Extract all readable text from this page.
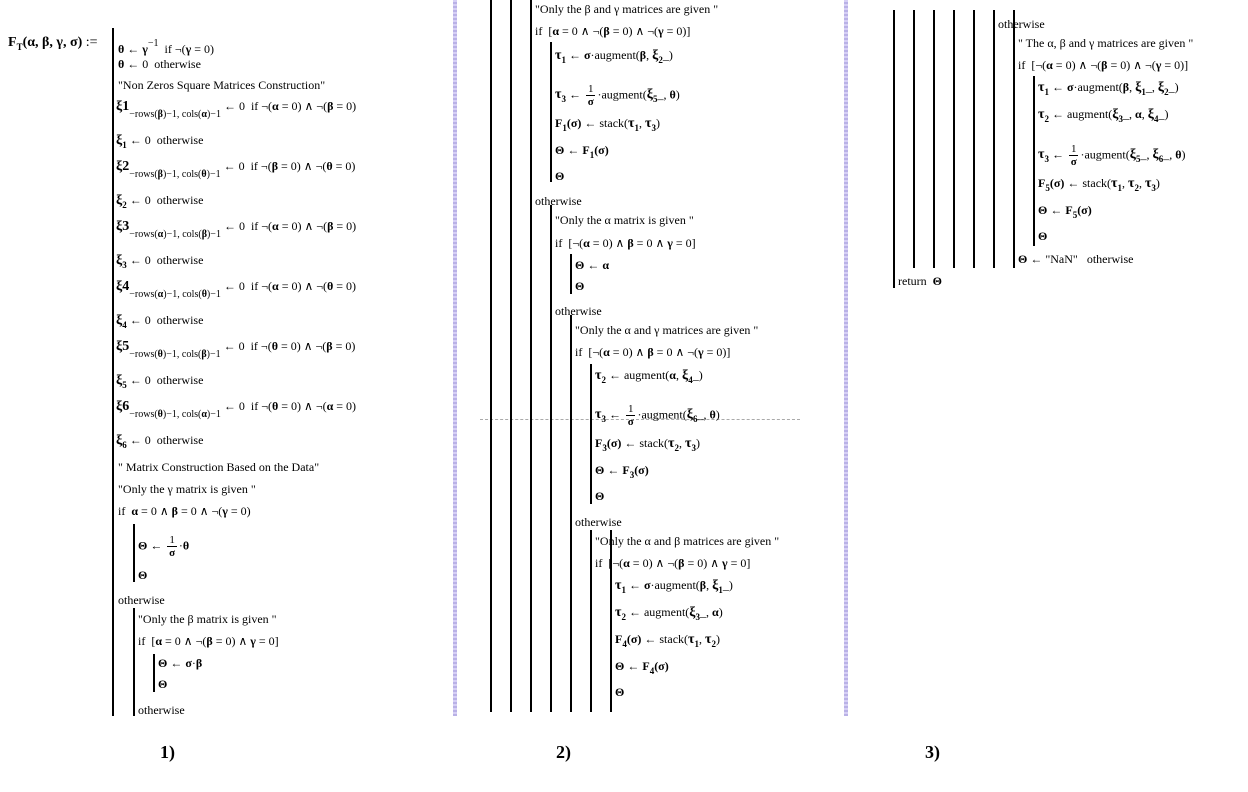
$F_T(\alpha$, β, γ, σ) := θ ← $\gamma^{-1}$ if ¬(γ = 0)
θ ← 0  otherwise
"Non Zeros Square Matrices Construction"
$\xi 1_{-rows(\beta)-1, cols(\alpha)-1}$ ← 0  if ¬(α = 0) ∧ ¬(β = 0)
$\xi_1$ ← 0  otherwise
$\xi 2_{-rows(\beta)-1, cols(\theta)-1}$ ← 0  if ¬(β = 0) ∧ ¬(θ = 0)
$\xi_2$ ← 0  otherwise
$\xi 3_{-rows(\alpha)-1, cols(\beta)-1}$ ← 0  if ¬(α = 0) ∧ ¬(β = 0)
$\xi_3$ ← 0  otherwise
$\xi 4_{-rows(\alpha)-1, cols(\theta)-1}$ ← 0  if ¬(α = 0) ∧ ¬(θ = 0)
$\xi_4$ ← 0  otherwise
$\xi 5_{-rows(\theta)-1, cols(\beta)-1}$ ← 0  if ¬(θ = 0) ∧ ¬(β = 0)
$\xi_5$ ← 0  otherwise
$\xi 6_{-rows(\theta)-1, cols(\alpha)-1}$ ← 0  if ¬(θ = 0) ∧ ¬(α = 0)
$\xi_6$ ← 0  otherwise
" Matrix Construction Based on the Data"
"Only the γ matrix is given "
if  α = 0 ∧ β = 0 ∧ ¬(γ = 0)
Θ ← $\frac{1}{\sigma} \cdot\theta$
Θ
otherwise
"Only the β matrix is given "
if  [α = 0 ∧ ¬(β = 0) ∧ γ = 0]
Θ ← σ·β
Θ
otherwise
1)
"Only the β and γ matrices are given "
if  [α = 0 ∧ ¬(β = 0) ∧ ¬(γ = 0)]
$\tau_1$ ← σ·augment(β, $\xi_2\_$)
$\tau_3$ ← $\frac{1}{\sigma}$ $\cdot augment(\xi_5\_$, θ)
$F_1(\sigma)$ ← $stack(\tau_1$, $\tau_3$)
Θ ← $F_1(\sigma)$
Θ
otherwise
"Only the α matrix is given "
if  [¬(α = 0) ∧ β = 0 ∧ γ = 0]
Θ ← α
Θ
otherwise
"Only the α and γ matrices are given "
if  [¬(α = 0) ∧ β = 0 ∧ ¬(γ = 0)]
$\tau_2$ ← augment(α, $\xi_4\_$)
$\tau_3$ ← $\frac{1}{\sigma}$ $\cdot augment(\xi_6\_$, θ)
$F_3(\sigma)$ ← $stack(\tau_2$, $\tau_3$)
Θ ← $F_3(\sigma)$
Θ
otherwise
"Only the α and β matrices are given "
if  [¬(α = 0) ∧ ¬(β = 0) ∧ γ = 0]
$\tau_1$ ← σ·augment(β, $\xi_1\_$)
$\tau_2$ ← $augment(\xi_3\_$, α)
$F_4(\sigma)$ ← $stack(\tau_1$, $\tau_2$)
Θ ← $F_4(\sigma)$
Θ
2)
otherwise
" The α, β and γ matrices are given "
if  [¬(α = 0) ∧ ¬(β = 0) ∧ ¬(γ = 0)]
$\tau_1$ ← σ·augment(β, $\xi_1\_$, $\xi_2\_$)
$\tau_2$ ← $augment(\xi_3\_$, α, $\xi_4\_$)
$\tau_3$ ← $\frac{1}{\sigma}$ $\cdot augment(\xi_5\_$, $\xi_6\_$, θ)
$F_5(\sigma)$ ← $stack(\tau_1$, $\tau_2$, $\tau_3$)
Θ ← $F_5(\sigma)$
Θ
Θ ← "NaN" otherwise
return Θ
3)
